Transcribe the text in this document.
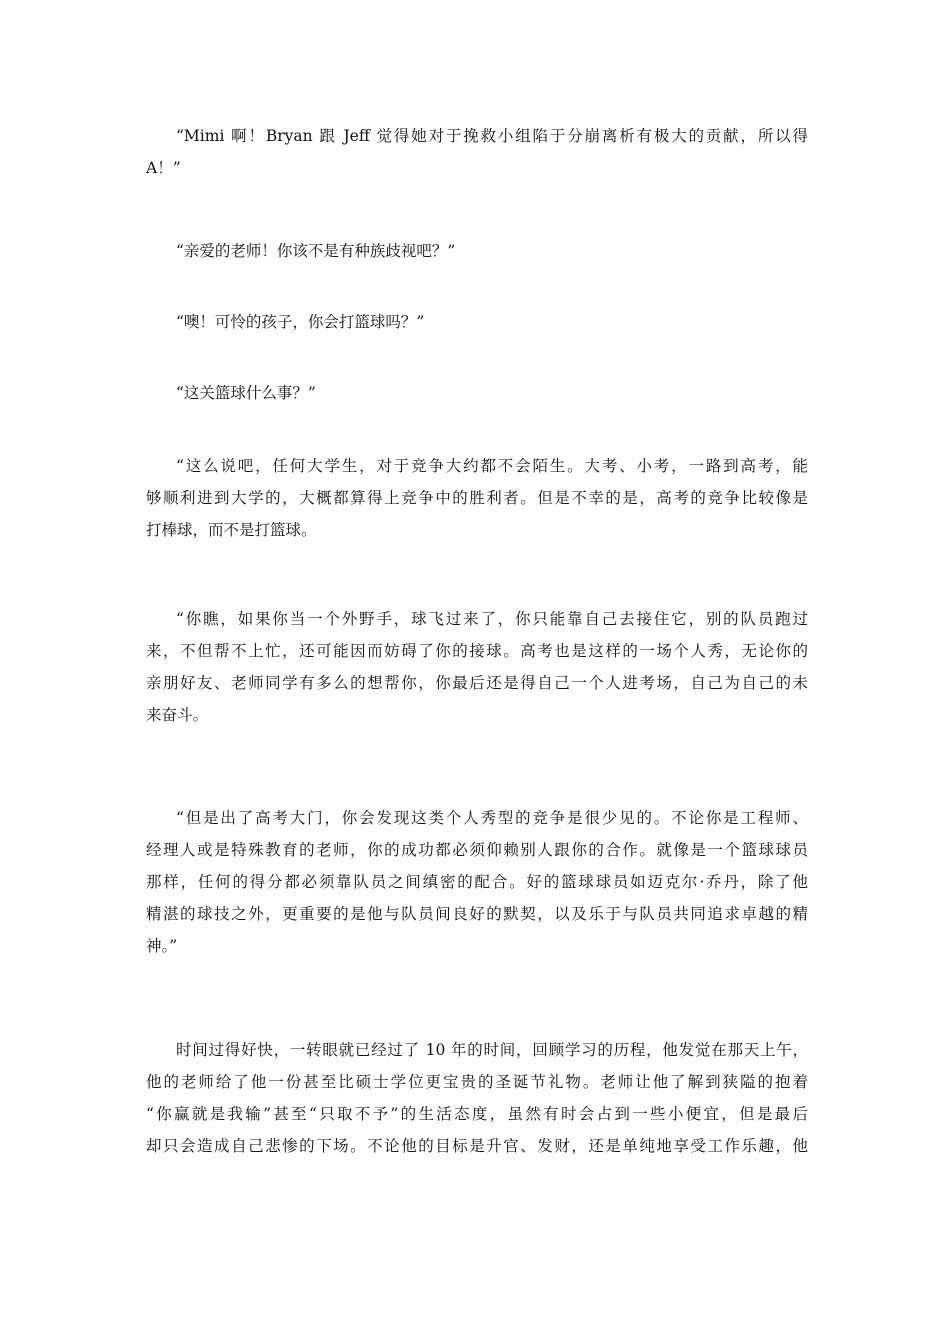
“Mimi 啊！Bryan 跟 Jeff 觉得她对于挽救小组陷于分崩离析有极大的贡献，所以得
A！”
“亲爱的老师！你该不是有种族歧视吧？”
“噢！可怜的孩子，你会打篮球吗？”
“这关篮球什么事？”
“这么说吧，任何大学生，对于竞争大约都不会陌生。大考、小考，一路到高考，能
够顺利进到大学的，大概都算得上竞争中的胜利者。但是不幸的是，高考的竞争比较像是
打棒球，而不是打篮球。
“你瞧，如果你当一个外野手，球飞过来了，你只能靠自己去接住它，别的队员跑过
来，不但帮不上忙，还可能因而妨碍了你的接球。高考也是这样的一场个人秀，无论你的
亲朋好友、老师同学有多么的想帮你，你最后还是得自己一个人进考场，自己为自己的未
来奋斗。
“但是出了高考大门，你会发现这类个人秀型的竞争是很少见的。不论你是工程师、
经理人或是特殊教育的老师，你的成功都必须仰赖别人跟你的合作。就像是一个篮球球员
那样，任何的得分都必须靠队员之间缜密的配合。好的篮球球员如迈克尔·乔丹，除了他
精湛的球技之外，更重要的是他与队员间良好的默契，以及乐于与队员共同追求卓越的精
神。”
时间过得好快，一转眼就已经过了 10 年的时间，回顾学习的历程，他发觉在那天上午，
他的老师给了他一份甚至比硕士学位更宝贵的圣诞节礼物。老师让他了解到狭隘的抱着
“你赢就是我输”甚至“只取不予”的生活态度，虽然有时会占到一些小便宜，但是最后
却只会造成自己悲惨的下场。不论他的目标是升官、发财，还是单纯地享受工作乐趣，他
